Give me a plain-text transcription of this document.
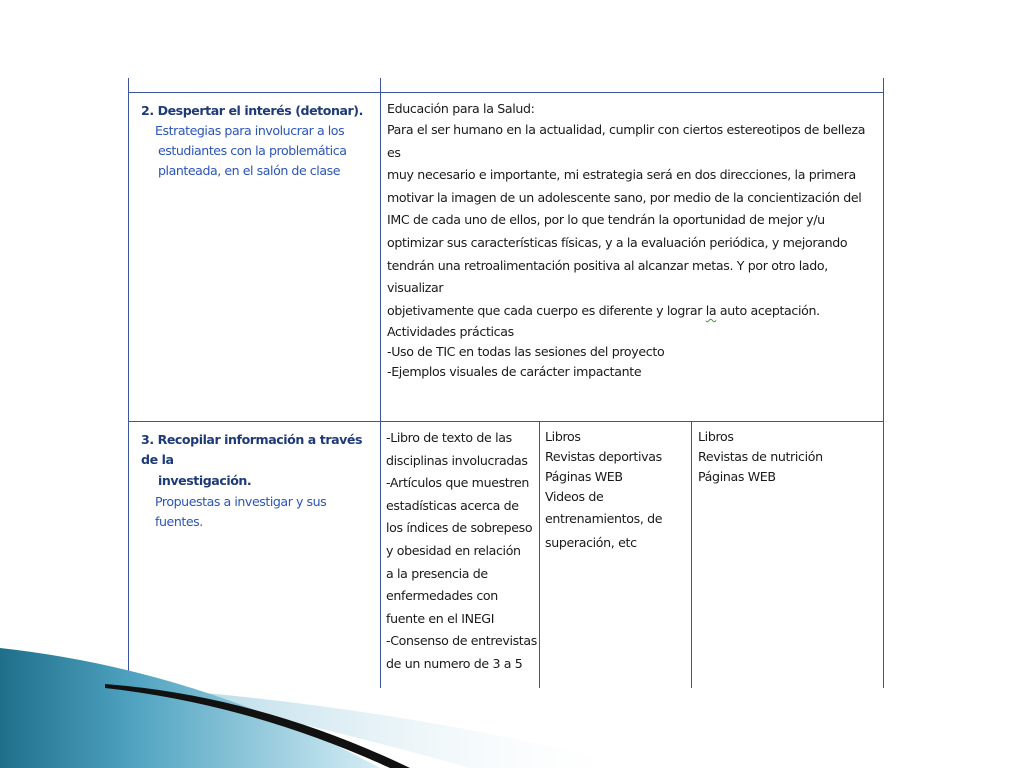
2. Despertar el interés (detonar).

Estrategias para involucrar a los

estudiantes con la problemática

planteada, en el salón de clase

Educación para la Salud:

Para el ser humano en la actualidad, cumplir con ciertos estereotipos de belleza es

muy necesario e importante, mi estrategia será en dos direcciones, la primera

motivar la imagen de un adolescente sano, por medio de la concientización del

IMC de cada uno de ellos, por lo que tendrán la oportunidad de mejor y/u

optimizar sus características físicas, y a la evaluación periódica, y mejorando

tendrán una retroalimentación positiva al alcanzar metas. Y por otro lado, visualizar

objetivamente que cada cuerpo es diferente y lograr la auto aceptación.

Actividades prácticas

-Uso de TIC en todas las sesiones del proyecto

-Ejemplos visuales de carácter impactante

3. Recopilar información a través de la

investigación.

Propuestas a investigar y sus fuentes.

-Libro de texto de las

disciplinas involucradas

-Artículos que muestren

estadísticas acerca de

los índices de sobrepeso

y obesidad en relación

a la presencia de

enfermedades con

fuente en el INEGI

-Consenso de entrevistas

de un numero de 3 a 5

Libros

Revistas deportivas

Páginas WEB

Videos de

entrenamientos, de

superación, etc

Libros

Revistas de nutrición

Páginas WEB
